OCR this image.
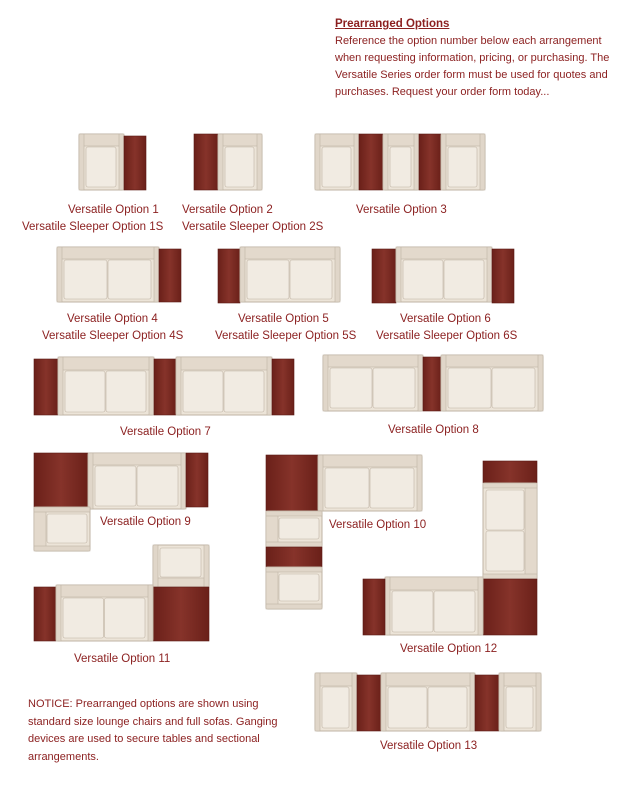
Prearranged Options
Reference the option number below each arrangement when requesting information, pricing, or purchasing. The Versatile Series order form must be used for quotes and purchases. Request your order form today...
Versatile Option 1
Versatile Sleeper Option 1S
Versatile Option 2
Versatile Sleeper Option 2S
Versatile Option 3
Versatile Option 4
Versatile Sleeper Option 4S
Versatile Option 5
Versatile Sleeper Option 5S
Versatile Option 6
Versatile Sleeper Option 6S
Versatile Option 7	Versatile Option 8
Versatile Option 9	Versatile Option 10
Versatile Option 11
Versatile Option 12
Versatile Option 13
NOTICE: Prearranged options are shown using standard size lounge chairs and full sofas. Ganging devices are used to secure tables and sectional arrangements.
